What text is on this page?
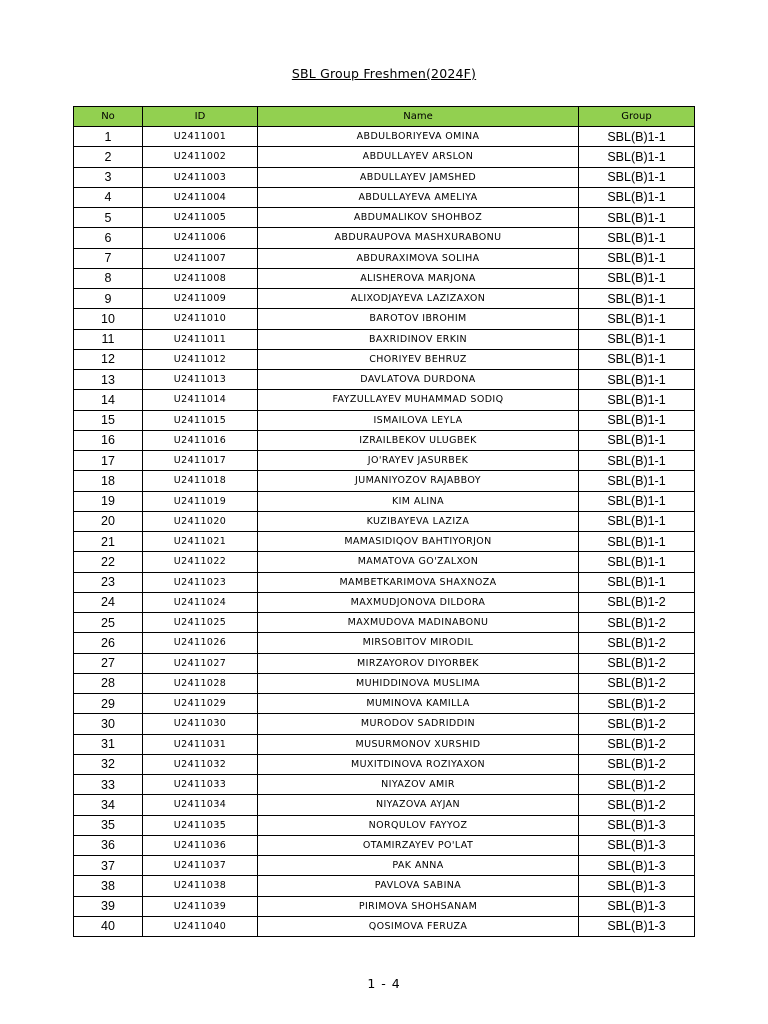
SBL Group Freshmen(2024F)
No	ID	Name	Group
1	U2411001	ABDULBORIYEVA OMINA	SBL(B)1-1
2	U2411002	ABDULLAYEV ARSLON	SBL(B)1-1
3	U2411003	ABDULLAYEV JAMSHED	SBL(B)1-1
4	U2411004	ABDULLAYEVA AMELIYA	SBL(B)1-1
5	U2411005	ABDUMALIKOV SHOHBOZ	SBL(B)1-1
6	U2411006	ABDURAUPOVA MASHXURABONU	SBL(B)1-1
7	U2411007	ABDURAXIMOVA SOLIHA	SBL(B)1-1
8	U2411008	ALISHEROVA MARJONA	SBL(B)1-1
9	U2411009	ALIXODJAYEVA LAZIZAXON	SBL(B)1-1
10	U2411010	BAROTOV IBROHIM	SBL(B)1-1
11	U2411011	BAXRIDINOV ERKIN	SBL(B)1-1
12	U2411012	CHORIYEV BEHRUZ	SBL(B)1-1
13	U2411013	DAVLATOVA DURDONA	SBL(B)1-1
14	U2411014	FAYZULLAYEV MUHAMMAD SODIQ	SBL(B)1-1
15	U2411015	ISMAILOVA LEYLA	SBL(B)1-1
16	U2411016	IZRAILBEKOV ULUGBEK	SBL(B)1-1
17	U2411017	JO'RAYEV JASURBEK	SBL(B)1-1
18	U2411018	JUMANIYOZOV RAJABBOY	SBL(B)1-1
19	U2411019	KIM ALINA	SBL(B)1-1
20	U2411020	KUZIBAYEVA LAZIZA	SBL(B)1-1
21	U2411021	MAMASIDIQOV BAHTIYORJON	SBL(B)1-1
22	U2411022	MAMATOVA GO'ZALXON	SBL(B)1-1
23	U2411023	MAMBETKARIMOVA SHAXNOZA	SBL(B)1-1
24	U2411024	MAXMUDJONOVA DILDORA	SBL(B)1-2
25	U2411025	MAXMUDOVA MADINABONU	SBL(B)1-2
26	U2411026	MIRSOBITOV MIRODIL	SBL(B)1-2
27	U2411027	MIRZAYOROV DIYORBEK	SBL(B)1-2
28	U2411028	MUHIDDINOVA MUSLIMA	SBL(B)1-2
29	U2411029	MUMINOVA KAMILLA	SBL(B)1-2
30	U2411030	MURODOV SADRIDDIN	SBL(B)1-2
31	U2411031	MUSURMONOV XURSHID	SBL(B)1-2
32	U2411032	MUXITDINOVA ROZIYAXON	SBL(B)1-2
33	U2411033	NIYAZOV AMIR	SBL(B)1-2
34	U2411034	NIYAZOVA AYJAN	SBL(B)1-2
35	U2411035	NORQULOV FAYYOZ	SBL(B)1-3
36	U2411036	OTAMIRZAYEV PO'LAT	SBL(B)1-3
37	U2411037	PAK ANNA	SBL(B)1-3
38	U2411038	PAVLOVA SABINA	SBL(B)1-3
39	U2411039	PIRIMOVA SHOHSANAM	SBL(B)1-3
40	U2411040	QOSIMOVA FERUZA	SBL(B)1-3
1 - 4
